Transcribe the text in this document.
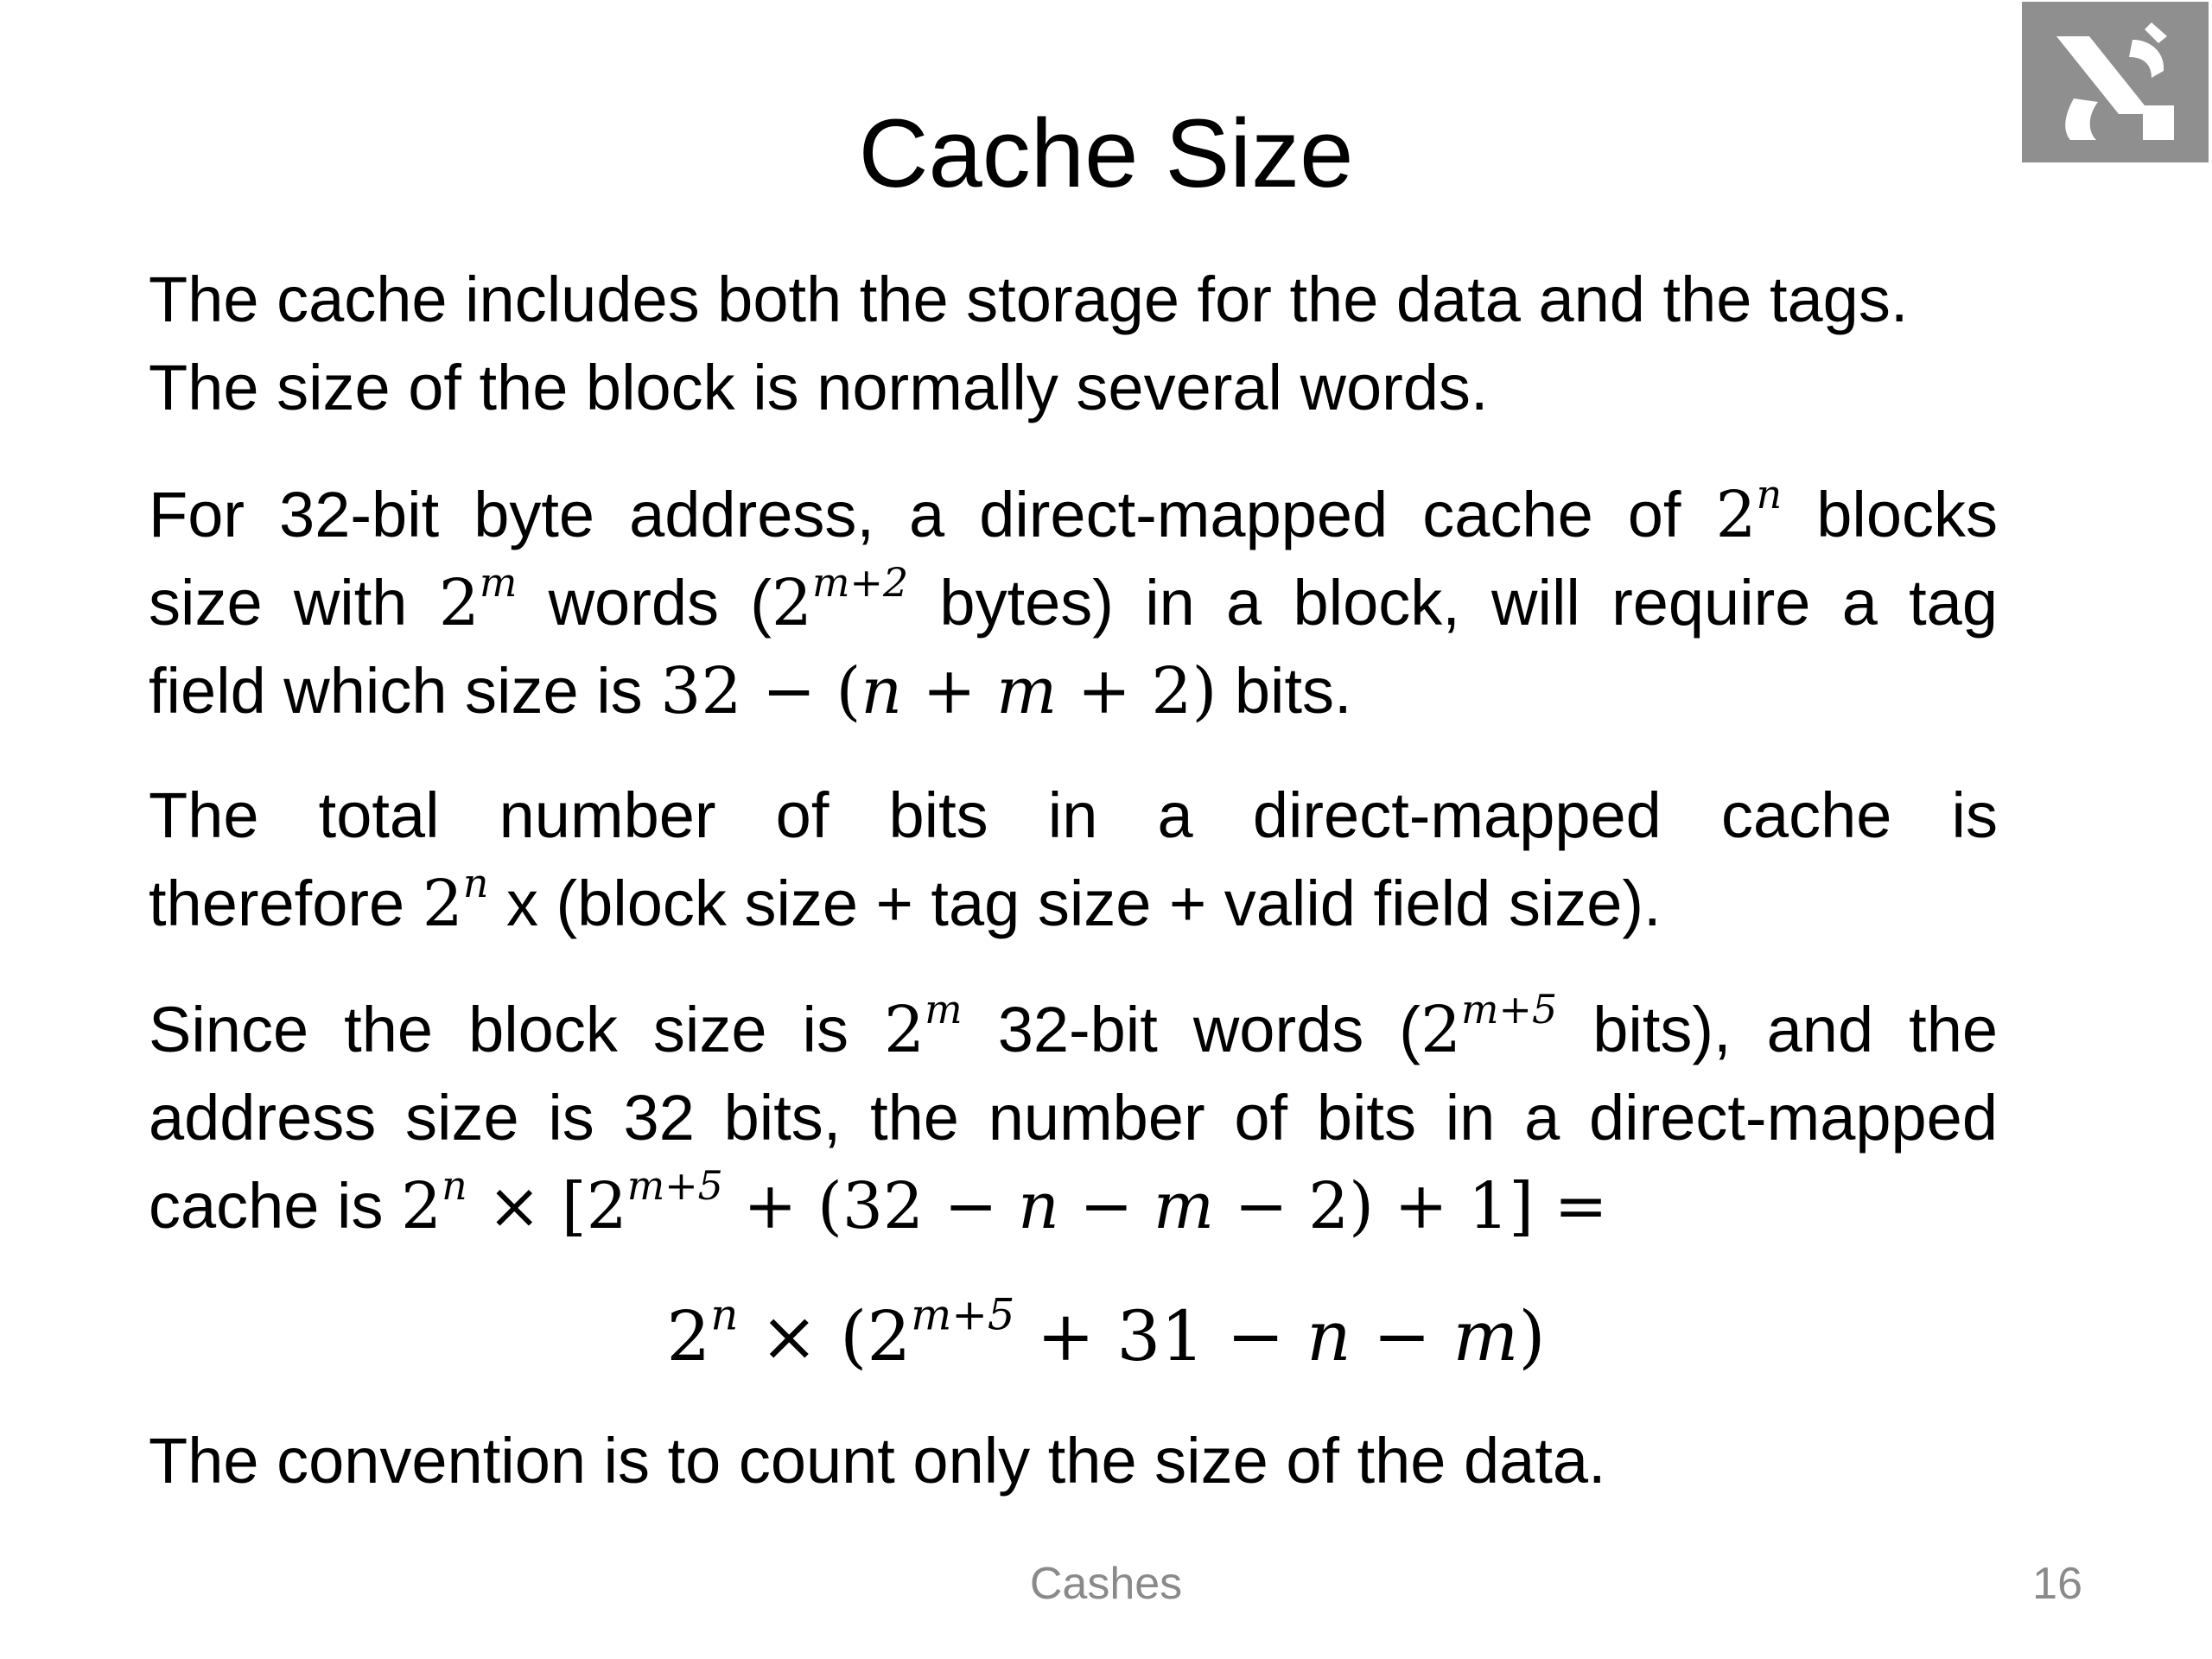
Cache Size
The cache includes both the storage for the data and the tags.
The size of the block is normally several words.
For 32-bit byte address, a direct-mapped cache of 2$^n$ blocks
size with 2$^m$ words ($2^{m+2}$ bytes) in a block, will require a tag
field which size is 32 − (n + m + 2) bits.
The total number of bits in a direct-mapped cache is
therefore 2$^n$ x (block size + tag size + valid field size).
Since the block size is 2$^m$ 32-bit words ($2^{m+5}$ bits), and the
address size is 32 bits, the number of bits in a direct-mapped
cache is $2^n \times [2^{m+5} + (32 - n - m - 2) + 1]$ =
$2^n \times (2^{m+5} + 31 - n - m)$
The convention is to count only the size of the data.
Cashes	16
